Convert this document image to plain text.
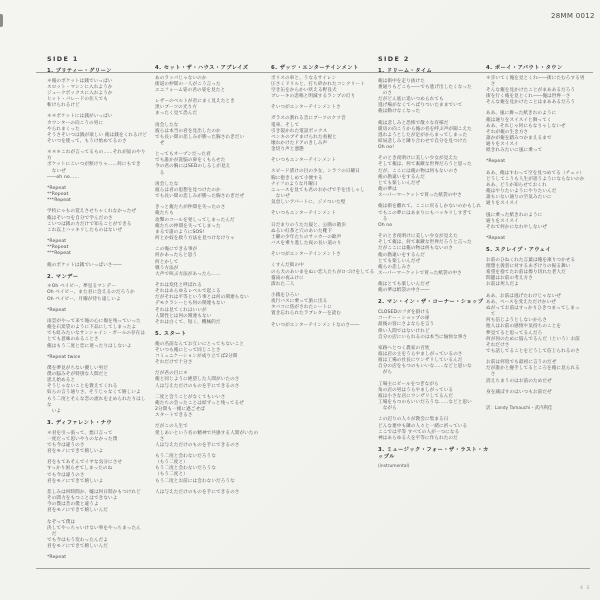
28MM 0012
SIDE 1
1. プリティー・グリーン
＊俺のポケットは銭でいっぱい
スロット・マシンに入れようか
ジュークボックスに入れようか
ヒット・パレードの住人でも
斬けられるけど
＊＊ポケットには銭がいっぱい
カウンターの向こうの男に
やられまくった
そうさそいつは銭が欲しい 俺は銭をくれるけど
そいつを使って、もうけ始めてるのさ
＊＊＊これが言ってるもの……それが奴のやり方
ポケットにこいつが無けりゃ……何にもでき
　ないぜ
――oh no……
*Repeat
**Repeat
***Repeat
学校にゃもの覚えさせちゃくれなかったぜ
俺はそいつを自分で学んだのさ
こいつは銭の力だけで知ることができる
これ以上ハッキリしたものはないぜ
*Repeat
**Repeat
***Repeat
俺のポケットは銭でいっぱいさ――
2. マンデー
＊Oh ベイビー、夢見るマンデー
Oh ベイビー、また君に会えるのだろうか
Oh ベイビー、月曜が待ち遠しいよ
*Repeat
雨雲がやって来て俺の心に傷を残っていった
俺を石炭袋のように下品にしてしまったよ
でも虹みたいなサンシャイン・ガールの存在は
とても意味のあることさ
俺はもう二度と恋に迷ったりはしないよ
*Repeat twice
僕を夢見がちない優しい男だ
僕の脳みそが特別な人間だと
思え始めると
そうじゃないことを教えてくれる
奴らの言う通りさ、そうじゃなくて嬉しいよ
もう二度とそんな恋の流れを止められたりはしな
　いよ
3. ディファレント・ナウ
＊君を引っ張って、悪口言って
一度だって思いやりのなかった僕
でも今は違うのさ
君をモノにできて嬉しいよ
君をもてあそんでイヤな気分にさせ
すっかり困らせてしまったのね
でも今は違うのさ
君をモノにできて嬉しいよ
悲しみは何時間か、嘘は何日間かもつけれど
その間力をもつことはできないよ
今の僕は昔の僕と違うよ
君をモノにできて嬉しいんだ
なぞって僕は
決してやっちゃいけない事をやっちまったん
　だ
でも今はもう変わったんだよ
君をモノにできて嬉しいんだ
*Repeat
4. セット・ザ・ハウス・アブレイズ
あのラッパじゃないのか
街道の仲間の一人がこう言った
ユニフォーム姿の君の姿を見たと
レザーのベルトが君にまく見えたとき
黒いブーツの光り方
まったく見て恐んだ
再会したな
彼らは本当の君を見出したのか
でも長い間の悲しみが勝った胸さわぎだい
　ぜ
とってもオープンだった君
でも誰かが洗脳の扉をくもらせた
今の君の胸にはSEDのしるしが見え
　る
再会したな
彼らは君の思想を見つけたのか
でも長い間の悲しみが勝った胸さわぎだぜ
きっと俺たちが仲間を失ったのさ
俺たちも
攻撃のコールを発しってしまったんだ
俺たちの仲間を失ってしまった
まるで諸のようにSOS!
何とか奴を救う方法を見つけなけりゃ
この俺にできる事が
何かあったらと思う
何とかして
戦う方法が
大声で叫ぶ方法があったら……
それは変化と呼ばれる
それはあらゆるレベルで起こる
だがそれは平等という事とは何の関連もない
デモクラシーとも何の関連もない
それは見てくれはいいが
人間性とは何の関連もない
それは白くて、短く、機械的だ
5. スタート
俺の名前なんてお互いにとってもないこと
そいつも俺にとって同じことさ
コミュニケーションが成り立てば2分間
それだけで十分さ
だが君の目に＊
俺と同じように絶望した人間がいたのさ
人は与えただけのものを手にできるのさ
二度と会うことがなくてもいいさ
俺たちの会ったことは結ずっと残ってるぜ
2分間も一緒に過ごせば
スタートできるさ
だがこの人生で
愛しあいという名の精神で共感する人間がいたの
　さ
人は与えただけのものを手にできるのさ
もう二度と会わないだろうな
（もう二度と）
もう二度と会わないだろうな
（もう二度と）
もう二度とお前には会わないだろうな
人は与えただけのものを手にできるのさ
6. ザッツ・エンターテインメント
ポリスの車と、うなるサイレン
圧さくドリルと、打ち砕かれたコンクリート
空き缶をからかい吠える野良犬
ブレーキの悲鳴と明滅するランプの灯り
そいつがエンターテインメントさ
ガラスの割れる音にブーツのクツ音
電車、そして
引き裂かれた電話ボックス
ペンキのブチまけられた看板と
壊れかけたドアのきしみ声
金切り声と悪態
そいつもエンターテインメント
スピード漬けの目の少女、シラフの日曜日
胸に抱きしめて小便する
ナイフのような月曜日
ニュースを見ても君のおかげで手を出しゃし
　ないぜ
気怠しいアパートに、ジメついた壁
そいつもエンターテインメント
日だまりのうたた寝と、公園の散歩
ぬるい紅茶と穴のあいた靴下
土曜の少年たちのサッカーの歓声
バスを乗り逃した夜の長い道のり
そいつがエンターテインメントさ
くすんだ街の中
のら犬のあいまをぬい恋人たちがロづけをしてる
霧雨の夜ふけに
濡れた二人
小銭をひろい
夜行バスに乗って旅に出る
タバコに焦がされたシートに
置き忘れられたラブレターを読む
そいつがエンターテインメントなのさ――
SIDE 2
1. ドリーム・タイム
俺は街中を走り抜けた
裏通りもどこも――でも逃げ出したくなった
　のさ
だがどん底に追いつめられても
逃げ場がなくてへばりついたままでいて
俺は動けなくなった
俺は悲しみと恐怖で散々な有様だ
暖房の向こうから俺の名を呼ぶ声が聞こえた
逃れようとしたが足がからまってしまった
結局悲しみと隣り合わせで自分を見つけた
Oh no!
そのとき夜明けに美しい少女が見えた
そして俺は、何て素敵な世界だろうと思った
だが、ここには俺の物は何もないのさ
俺の勘違いをするんだ
とても楽しいんだぜ
俺の夢は
スーパーマーケットで買った紙袋の中さ
俺は街を離れて、ここに戻るしかないのかもしれ
でもこの夢にはあまりにもハッキリしすぎて
　る
Oh no
そのとき夜明けに美しい少女が見えた
そして俺は、何て素敵な世界だろうと言った
だがここには俺の物は何もないのさ
俺の勘違いをするんだ
とても楽しいんだぜ
俺らの悲しみさ
スーパーマーケットで買った紙袋の中さ
俺はとても楽しいんだぜ
俺の夢は紙袋の中さ――
2. マン・イン・ザ・コーナー・ショップ
CLOSEDのフダを掛ける
コーナー・ショップの扉
最後の客にさよならを言う
偉い人間ではないけれど
自分の店にいられるのは本当に愉快な事さ
家路へとつく農家の百姓
彼は店の主をうらやましがっているのさ
彼は工場の社長にウンザリしているんだ
自分の店をもつのもいいな……などと思いな
　がら
工場主にビールをつぎながら
角の店の男はうらやましがっている
彼は小さな店にウンザリしてるんだ
工場をもつのもいいだろうな……などと思い
　ながら
この辺りの人々が教会に集まる日
どんな連中も隣の人々と一緒に祈っている
ここでは平等 すべての人が一つになる
神はあらゆる人を平等に作られたのだ
3. ミュージック・フォー・ザ・ラスト・カップル
(instrumental)
4. ボーイ・アバウト・タウン
＊歩いてく俺を見とくれ――街にたむろする男
　さ
そんな俺を見かけたことがまああるだろう
街を行く俺を見とくれ――俺は世界一さ
そんな俺を見かけたことはまああるだろう
ああ、風に舞った紙きれのように
俺は通りをスイスイと舞ってく
ああ、それじゃ何にもなりゃしないぜ
それが俺の生き方さ
誰かが俺を踏みつかまえるまで
通りをスイスイ
紙きれみたいに風に乗って
*Repeat
ああ、俺はすわって空を見つめてる（チェッ）
どうしてこうも人生が思うようにならないのか
ああ、どうか知らせておくれ
俺はやりたいようにやりたいんだ
誰もいない通りの空気みたいに
通りをスイスイ
風に乗った紙きれのように
通りをスイスイ
それで何かになれやしないぜ
*Repeat
5. スクレイプ・アウェイ
お前のひねくれた言葉は俺を凍りつかせる
理想主義者に対するあざけりの振る舞い
希望を捨てたお前は擦り切れた老人だ
問題はお前の考え方さ
お前は死人だよ
ああ、お前は逃げたわけじゃないぜ
ああ、ペースを変えただけかいぜ
ぬがってお前はすっかりひきつまってしまっ
　て
何も信じようとしないからさ
他人はお前の感情や気持ちのことを
夢見てると思ってるんだろ
何が何のために悩んでるんだ（という）お前
それだけさ
でも話してることをどうして信じられるのさ
お前は何処でも最初に言うのだぜ
だが誰かと握手してるところを俺に見られる
　さ
消えちまうのはお前のためだぜ
身を滅ぼすのはいつもお前だぜ
訳：Landy Tamauchi・武内利佳
4 3
